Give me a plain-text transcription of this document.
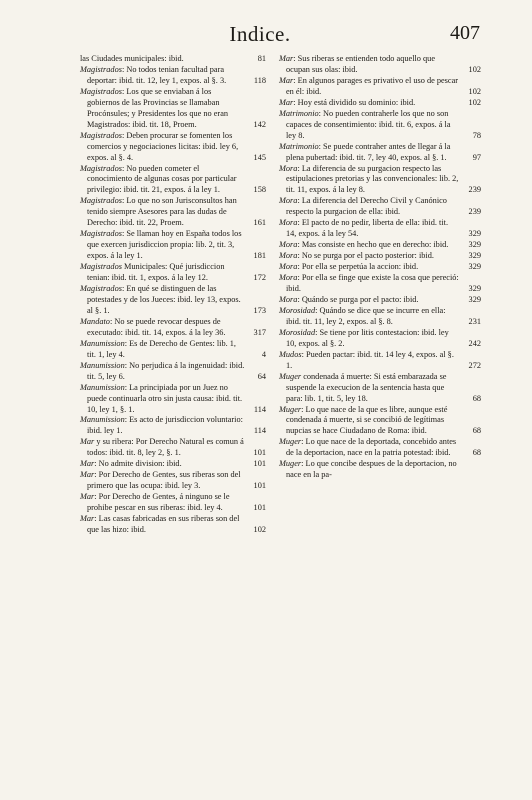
Indice.	407
las Ciudades municipales: ibid.	81
Magistrados: No todos tenian facultad para deportar: ibid. tit. 12, ley 1, expos. al §. 3.	118
Magistrados: Los que se enviaban á los gobiernos de las Provincias se llamaban Procónsules; y Presidentes los que no eran Magistrados: ibid. tit. 18, Proem.	142
Magistrados: Deben procurar se fomenten los comercios y negociaciones licitas: ibid. ley 6, expos. al §. 4.	145
Magistrados: No pueden cometer el conocimiento de algunas cosas por particular privilegio: ibid. tit. 21, expos. á la ley 1.	158
Magistrados: Lo que no son Jurisconsultos han tenido siempre Asesores para las dudas de Derecho: ibid. tit. 22, Proem.	161
Magistrados: Se llaman hoy en España todos los que exercen jurisdiccion propia: lib. 2, tit. 3, expos. á la ley 1.	181
Magistrados Municipales: Qué jurisdiccion tenian: ibid. tit. 1, expos. á la ley 12.	172
Magistrados: En qué se distinguen de las potestades y de los Jueces: ibid. ley 13, expos. al §. 1.	173
Mandato: No se puede revocar despues de executado: ibid. tit. 14, expos. á la ley 36.	317
Manumission: Es de Derecho de Gentes: lib. 1, tit. 1, ley 4.	4
Manumission: No perjudica á la ingenuidad: ibid. tit. 5, ley 6.	64
Manumission: La principiada por un Juez no puede continuarla otro sin justa causa: ibid. tit. 10, ley 1, §. 1.	114
Manumission: Es acto de jurisdiccion voluntario: ibid. ley 1.	114
Mar y su ribera: Por Derecho Natural es comun á todos: ibid. tit. 8, ley 2, §. 1.	101
Mar: No admite division: ibid.	101
Mar: Por Derecho de Gentes, sus riberas son del primero que las ocupa: ibid. ley 3.	101
Mar: Por Derecho de Gentes, á ninguno se le prohibe pescar en sus riberas: ibid. ley 4.	101
Mar: Las casas fabricadas en sus riberas son del que las hizo: ibid.	102
Mar: Sus riberas se entienden todo aquello que ocupan sus olas: ibid.	102
Mar: En algunos parages es privativo el uso de pescar en él: ibid.	102
Mar: Hoy está dividido su dominio: ibid.	102
Matrimonio: No pueden contraherle los que no son capaces de consentimiento: ibid. tit. 6, expos. á la ley 8.	78
Matrimonio: Se puede contraher antes de llegar á la plena pubertad: ibid. tit. 7, ley 40, expos. al §. 1.	97
Mora: La diferencia de su purgacion respecto las estipulaciones pretorias y las convencionales: lib. 2, tit. 11, expos. á la ley 8.	239
Mora: La diferencia del Derecho Civil y Canónico respecto la purgacion de ella: ibid.	239
Mora: El pacto de no pedir, liberta de ella: ibid. tit. 14, expos. á la ley 54.	329
Mora: Mas consiste en hecho que en derecho: ibid. 329
Mora: No se purga por el pacto posterior: ibid.	329
Mora: Por ella se perpetúa la accion: ibid.	329
Mora: Por ella se finge que existe la cosa que pereció: ibid.	329
Mora: Quándo se purga por el pacto: ibid.	329
Morosidad: Quándo se dice que se incurre en ella: ibid. tit. 11, ley 2, expos. al §. 8.	231
Morosidad: Se tiene por litis contestacion: ibid. ley 10, expos. al §. 2.	242
Mudos: Pueden pactar: ibid. tit. 14 ley 4, expos. al §. 1.	272
Muger condenada á muerte: Si está embarazada se suspende la execucion de la sentencia hasta que para: lib. 1, tit. 5, ley 18.	68
Muger: Lo que nace de la que es libre, aunque esté condenada á muerte, si se concibió de legítimas nupcias se hace Ciudadano de Roma: ibid.	68
Muger: Lo que nace de la deportada, concebido antes de la deportacion, nace en la patria potestad: ibid.	68
Muger: Lo que concibe despues de la deportacion, no nace en la pa-
